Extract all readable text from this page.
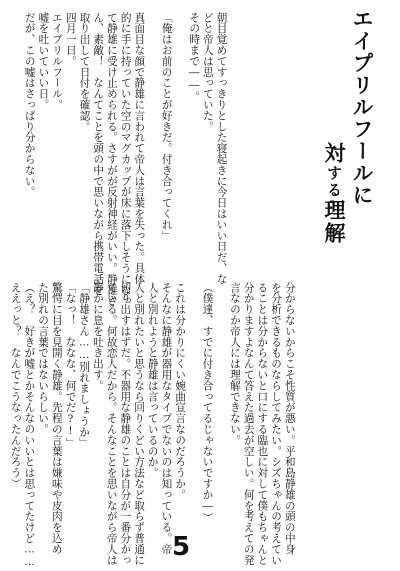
エイプリルフールに
対する理解
朝目覚めてすっきりとした寝起きに今日はいい日だ、な
どと帝人は思っていた。
その時まで――。
「俺はお前のことが好きだ。付き合ってくれ」
真面目な顔で静雄に言われて帝人は言葉を失った。具体
的に手に持っていた空のマグカップが床に落下しそうになっ
て静雄に受け止められる。さすがが反射神経がいい。静雄さ
ん、素敵！　なんてことを頭の中で思いながら携帯電話を
取り出して日付を確認。
四月一日。
エイプリルフール。
嘘を吐いていい日。
だが、この嘘はさっぱり分からない。
分からないからこそ性質が悪い。平和島静雄の頭の中身
を分析できるものならしてみたい。シズちゃんの考えてい
ることは分からないと口にする臨也に対して僕もちゃんと
分かりますよなんて答えた過去が空しい。何を考えての発
言なのか帝人には理解できない。
（僕達、すでに付き合ってるじゃないですか―）
これは分かりにくい婉曲宣言なのだろうか。
そんなに静雄が器用なタイプでないのは知っている。帝
人と別れようと静雄は言っているのか。
人と別れたいと思うなら回りくどい方法など取らず普通に
切り出すはずだ。不器用な静雄のことは自分が一番分かっ
ている。何故恋人だから。そんなことを思いながら帝人は
静かに息を吐き出す。
「静雄さん……別れましょうか」
「なっ！　ななな、何でだ?!」
驚愕に目を見開く静雄。先程の言葉は嫌味や皮肉を込め
た別れの言葉ではないらしい。
（え？　好きが嘘とかそんなのいいとは思ってたけど……
ええっと？　なんでこうなったんだろう）
5
